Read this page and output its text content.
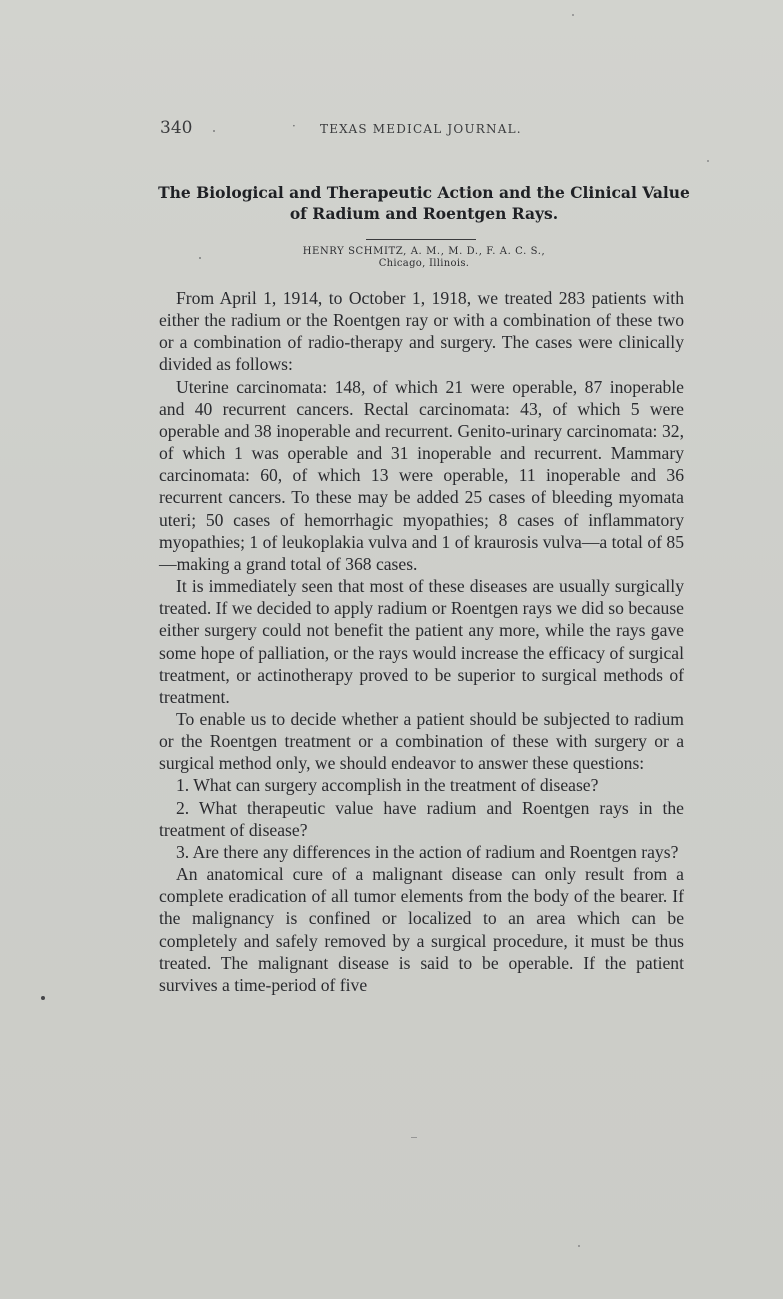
340	· TEXAS MEDICAL JOURNAL.
The Biological and Therapeutic Action and the Clinical Value
of Radium and Roentgen Rays.
HENRY SCHMITZ, A. M., M. D., F. A. C. S.,
Chicago, Illinois.

From April 1, 1914, to October 1, 1918, we treated 283 patients with either the radium or the Roentgen ray or with a combination of these two or a combination of radio-therapy and surgery. The cases were clinically divided as follows:

Uterine carcinomata: 148, of which 21 were operable, 87 inoperable and 40 recurrent cancers. Rectal carcinomata: 43, of which 5 were operable and 38 inoperable and recurrent. Genito-urinary carcinomata: 32, of which 1 was operable and 31 inoperable and recurrent. Mammary carcinomata: 60, of which 13 were operable, 11 inoperable and 36 recurrent cancers. To these may be added 25 cases of bleeding myomata uteri; 50 cases of hemorrhagic myopathies; 8 cases of inflammatory myopathies; 1 of leukoplakia vulva and 1 of kraurosis vulva—a total of 85—making a grand total of 368 cases.

It is immediately seen that most of these diseases are usually surgically treated. If we decided to apply radium or Roentgen rays we did so because either surgery could not benefit the patient any more, while the rays gave some hope of palliation, or the rays would increase the efficacy of surgical treatment, or actinotherapy proved to be superior to surgical methods of treatment.

To enable us to decide whether a patient should be subjected to radium or the Roentgen treatment or a combination of these with surgery or a surgical method only, we should endeavor to answer these questions:

1. What can surgery accomplish in the treatment of disease?

2. What therapeutic value have radium and Roentgen rays in the treatment of disease?

3. Are there any differences in the action of radium and Roentgen rays?

An anatomical cure of a malignant disease can only result from a complete eradication of all tumor elements from the body of the bearer. If the malignancy is confined or localized to an area which can be completely and safely removed by a surgical procedure, it must be thus treated. The malignant disease is said to be operable. If the patient survives a time-period of five
